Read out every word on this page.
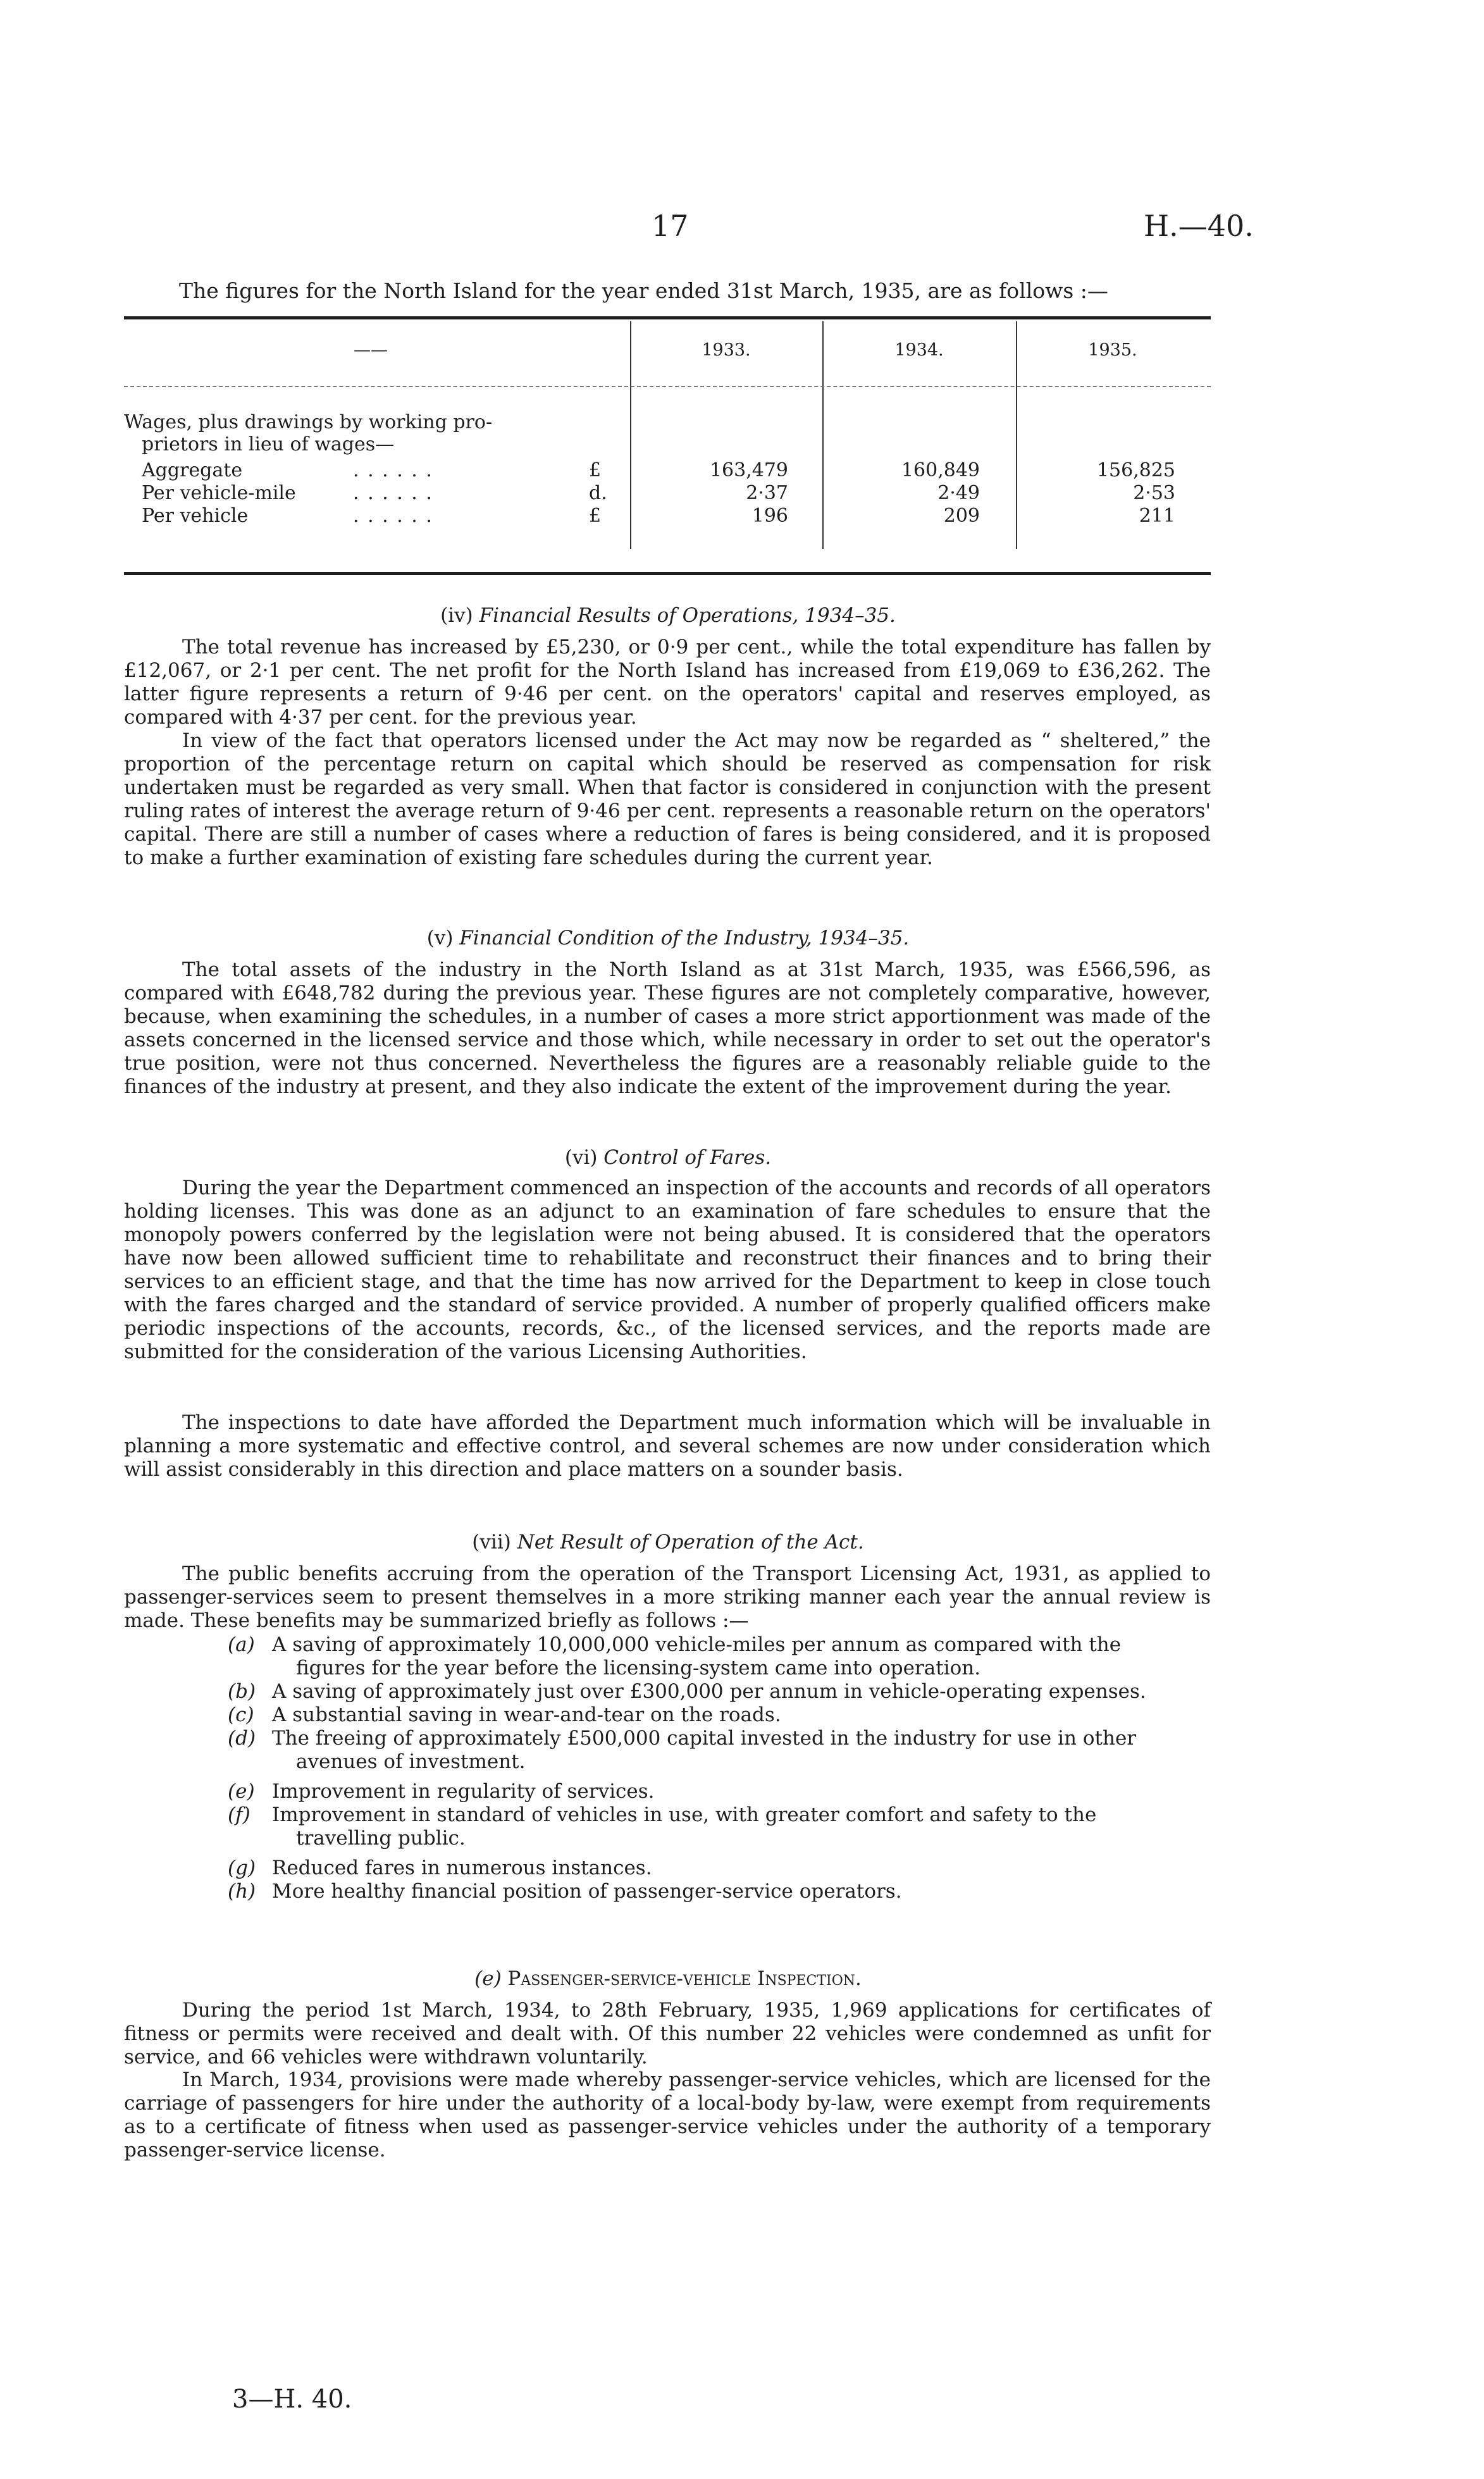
17	H.—40.
The figures for the North Island for the year ended 31st March, 1935, are as follows :—
——	1933.	1934.	1935.
Wages, plus drawings by working pro-
prietors in lieu of wages—
Aggregate	. . . . . .	£	163,479	160,849	156,825
Per vehicle-mile	. . . . . .	d.	2·37	2·49	2·53
Per vehicle	. . . . . .	£	196	209	211
(iv) Financial Results of Operations, 1934–35.

The total revenue has increased by £5,230, or 0·9 per cent., while the total expenditure has fallen by £12,067, or 2·1 per cent. The net profit for the North Island has increased from £19,069 to £36,262. The latter figure represents a return of 9·46 per cent. on the operators' capital and reserves employed, as compared with 4·37 per cent. for the previous year.

In view of the fact that operators licensed under the Act may now be regarded as “ sheltered,” the proportion of the percentage return on capital which should be reserved as compensation for risk undertaken must be regarded as very small. When that factor is considered in conjunction with the present ruling rates of interest the average return of 9·46 per cent. represents a reasonable return on the operators' capital. There are still a number of cases where a reduction of fares is being considered, and it is proposed to make a further examination of existing fare schedules during the current year.

(v) Financial Condition of the Industry, 1934–35.

The total assets of the industry in the North Island as at 31st March, 1935, was £566,596, as compared with £648,782 during the previous year. These figures are not completely comparative, however, because, when examining the schedules, in a number of cases a more strict apportionment was made of the assets concerned in the licensed service and those which, while necessary in order to set out the operator's true position, were not thus concerned. Nevertheless the figures are a reasonably reliable guide to the finances of the industry at present, and they also indicate the extent of the improvement during the year.

(vi) Control of Fares.

During the year the Department commenced an inspection of the accounts and records of all operators holding licenses. This was done as an adjunct to an examination of fare schedules to ensure that the monopoly powers conferred by the legislation were not being abused. It is considered that the operators have now been allowed sufficient time to rehabilitate and reconstruct their finances and to bring their services to an efficient stage, and that the time has now arrived for the Department to keep in close touch with the fares charged and the standard of service provided. A number of properly qualified officers make periodic inspections of the accounts, records, &c., of the licensed services, and the reports made are submitted for the consideration of the various Licensing Authorities.

The inspections to date have afforded the Department much information which will be invaluable in planning a more systematic and effective control, and several schemes are now under consideration which will assist considerably in this direction and place matters on a sounder basis.

(vii) Net Result of Operation of the Act.

The public benefits accruing from the operation of the Transport Licensing Act, 1931, as applied to passenger-services seem to present themselves in a more striking manner each year the annual review is made. These benefits may be summarized briefly as follows :—

(a) A saving of approximately 10,000,000 vehicle-miles per annum as compared with the
figures for the year before the licensing-system came into operation.
(b) A saving of approximately just over £300,000 per annum in vehicle-operating expenses.
(c) A substantial saving in wear-and-tear on the roads.
(d) The freeing of approximately £500,000 capital invested in the industry for use in other
avenues of investment.
(e) Improvement in regularity of services.
(f) Improvement in standard of vehicles in use, with greater comfort and safety to the
travelling public.
(g) Reduced fares in numerous instances.
(h) More healthy financial position of passenger-service operators.
(e) Passenger-service-vehicle Inspection.

During the period 1st March, 1934, to 28th February, 1935, 1,969 applications for certificates of fitness or permits were received and dealt with. Of this number 22 vehicles were condemned as unfit for service, and 66 vehicles were withdrawn voluntarily.

In March, 1934, provisions were made whereby passenger-service vehicles, which are licensed for the carriage of passengers for hire under the authority of a local-body by-law, were exempt from requirements as to a certificate of fitness when used as passenger-service vehicles under the authority of a temporary passenger-service license.

3—H. 40.
